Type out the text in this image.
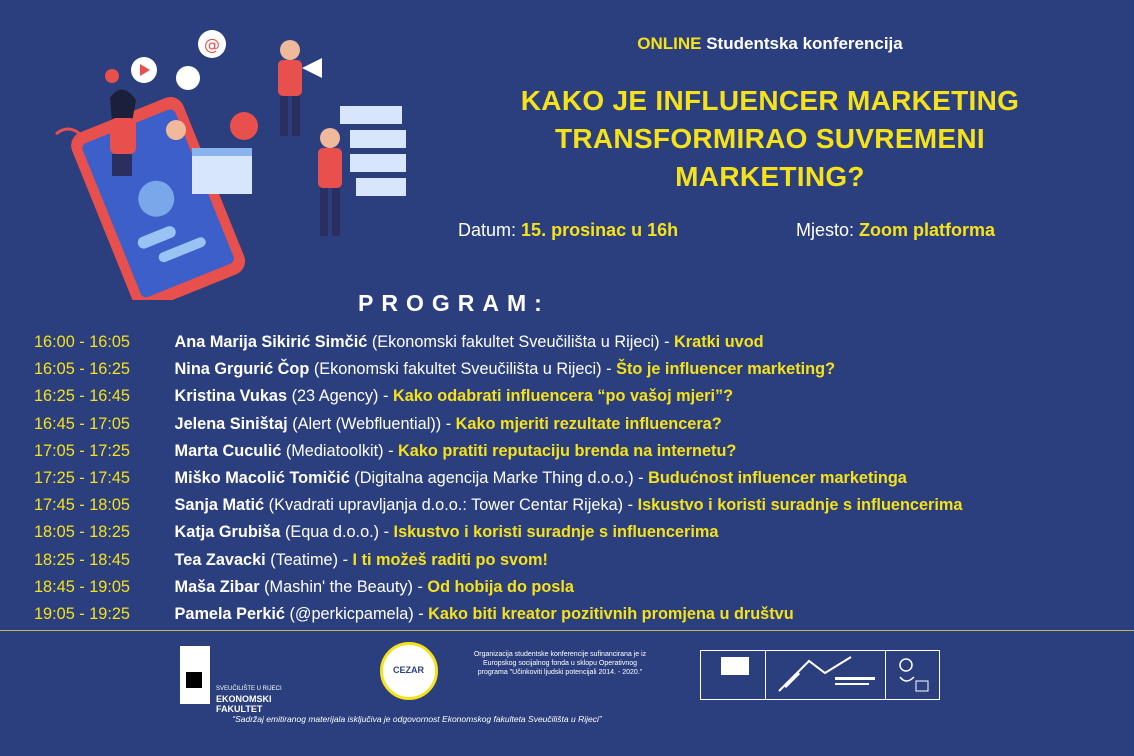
@	ONLINE Studentska konferencija
KAKO JE INFLUENCER MARKETING
TRANSFORMIRAO SUVREMENI
MARKETING?
Datum: 15. prosinac u 16h	Mjesto: Zoom platforma
PROGRAM:
16:00 - 16:05	Ana Marija Sikirić Simčić (Ekonomski fakultet Sveučilišta u Rijeci) - Kratki uvod
16:05 - 16:25	Nina Grgurić Čop (Ekonomski fakultet Sveučilišta u Rijeci) - Što je influencer marketing?
16:25 - 16:45	Kristina Vukas (23 Agency) - Kako odabrati influencera “po vašoj mjeri”?
16:45 - 17:05	Jelena Siništaj (Alert (Webfluential)) - Kako mjeriti rezultate influencera?
17:05 - 17:25	Marta Cuculić (Mediatoolkit) - Kako pratiti reputaciju brenda na internetu?
17:25 - 17:45	Miško Macolić Tomičić (Digitalna agencija Marke Thing d.o.o.) - Budućnost influencer marketinga
17:45 - 18:05	Sanja Matić (Kvadrati upravljanja d.o.o.: Tower Centar Rijeka) - Iskustvo i koristi suradnje s influencerima
18:05 - 18:25	Katja Grubiša (Equa d.o.o.) - Iskustvo i koristi suradnje s influencerima
18:25 - 18:45	Tea Zavacki (Teatime) - I ti možeš raditi po svom!
18:45 - 19:05	Maša Zibar (Mashin' the Beauty) - Od hobija do posla
19:05 - 19:25	Pamela Perkić (@perkicpamela) - Kako biti kreator pozitivnih promjena u društvu
SVEUČILIŠTE U RIJECI
EKONOMSKI FAKULTET
CEZAR
Organizacija studentske konferencije sufinancirana je iz Europskog socijalnog fonda u sklopu Operativnog programa "Učinkoviti ljudski potencijali 2014. - 2020."
“Sadržaj emitiranog materijala isključiva je odgovornost Ekonomskog fakulteta Sveučilišta u Rijeci”
